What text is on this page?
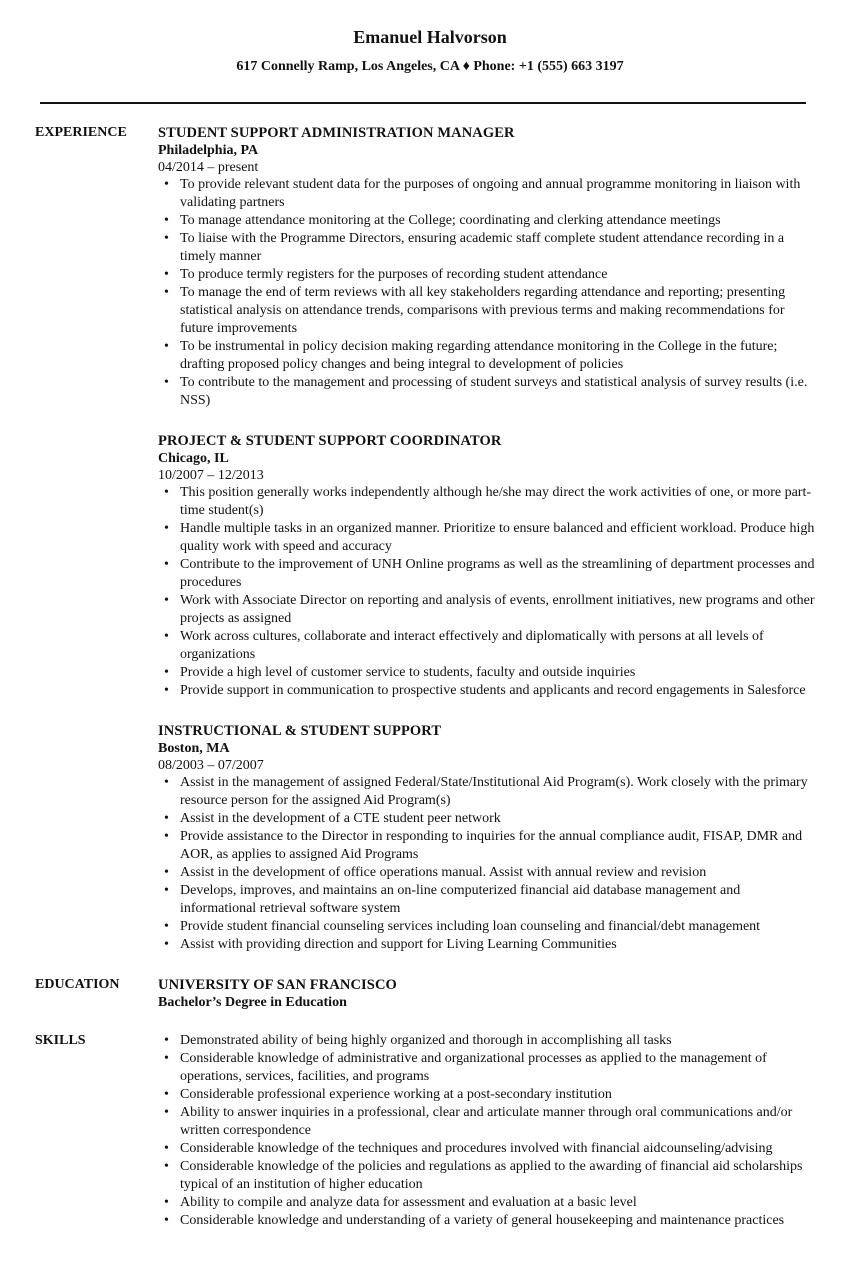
Emanuel Halvorson
617 Connelly Ramp, Los Angeles, CA ♦ Phone: +1 (555) 663 3197
EXPERIENCE STUDENT SUPPORT ADMINISTRATION MANAGER
Philadelphia, PA
04/2014 – present
• To provide relevant student data for the purposes of ongoing and annual programme monitoring in liaison with validating partners
• To manage attendance monitoring at the College; coordinating and clerking attendance meetings
• To liaise with the Programme Directors, ensuring academic staff complete student attendance recording in a timely manner
• To produce termly registers for the purposes of recording student attendance
• To manage the end of term reviews with all key stakeholders regarding attendance and reporting; presenting statistical analysis on attendance trends, comparisons with previous terms and making recommendations for future improvements
• To be instrumental in policy decision making regarding attendance monitoring in the College in the future; drafting proposed policy changes and being integral to development of policies
• To contribute to the management and processing of student surveys and statistical analysis of survey results (i.e. NSS)
PROJECT & STUDENT SUPPORT COORDINATOR
Chicago, IL
10/2007 – 12/2013
• This position generally works independently although he/she may direct the work activities of one, or more part-time student(s)
• Handle multiple tasks in an organized manner. Prioritize to ensure balanced and efficient workload. Produce high quality work with speed and accuracy
• Contribute to the improvement of UNH Online programs as well as the streamlining of department processes and procedures
• Work with Associate Director on reporting and analysis of events, enrollment initiatives, new programs and other projects as assigned
• Work across cultures, collaborate and interact effectively and diplomatically with persons at all levels of organizations
• Provide a high level of customer service to students, faculty and outside inquiries
• Provide support in communication to prospective students and applicants and record engagements in Salesforce
INSTRUCTIONAL & STUDENT SUPPORT
Boston, MA
08/2003 – 07/2007
• Assist in the management of assigned Federal/State/Institutional Aid Program(s). Work closely with the primary resource person for the assigned Aid Program(s)
• Assist in the development of a CTE student peer network
• Provide assistance to the Director in responding to inquiries for the annual compliance audit, FISAP, DMR and AOR, as applies to assigned Aid Programs
• Assist in the development of office operations manual. Assist with annual review and revision
• Develops, improves, and maintains an on-line computerized financial aid database management and informational retrieval software system
• Provide student financial counseling services including loan counseling and financial/debt management
• Assist with providing direction and support for Living Learning Communities
EDUCATION	UNIVERSITY OF SAN FRANCISCO
Bachelor’s Degree in Education
SKILLS
•	Demonstrated ability of being highly organized and thorough in accomplishing all tasks
• Considerable knowledge of administrative and organizational processes as applied to the management of operations, services, facilities, and programs
• Considerable professional experience working at a post-secondary institution
• Ability to answer inquiries in a professional, clear and articulate manner through oral communications and/or written correspondence
• Considerable knowledge of the techniques and procedures involved with financial aidcounseling/advising
• Considerable knowledge of the policies and regulations as applied to the awarding of financial aid scholarships typical of an institution of higher education
• Ability to compile and analyze data for assessment and evaluation at a basic level
• Considerable knowledge and understanding of a variety of general housekeeping and maintenance practices
